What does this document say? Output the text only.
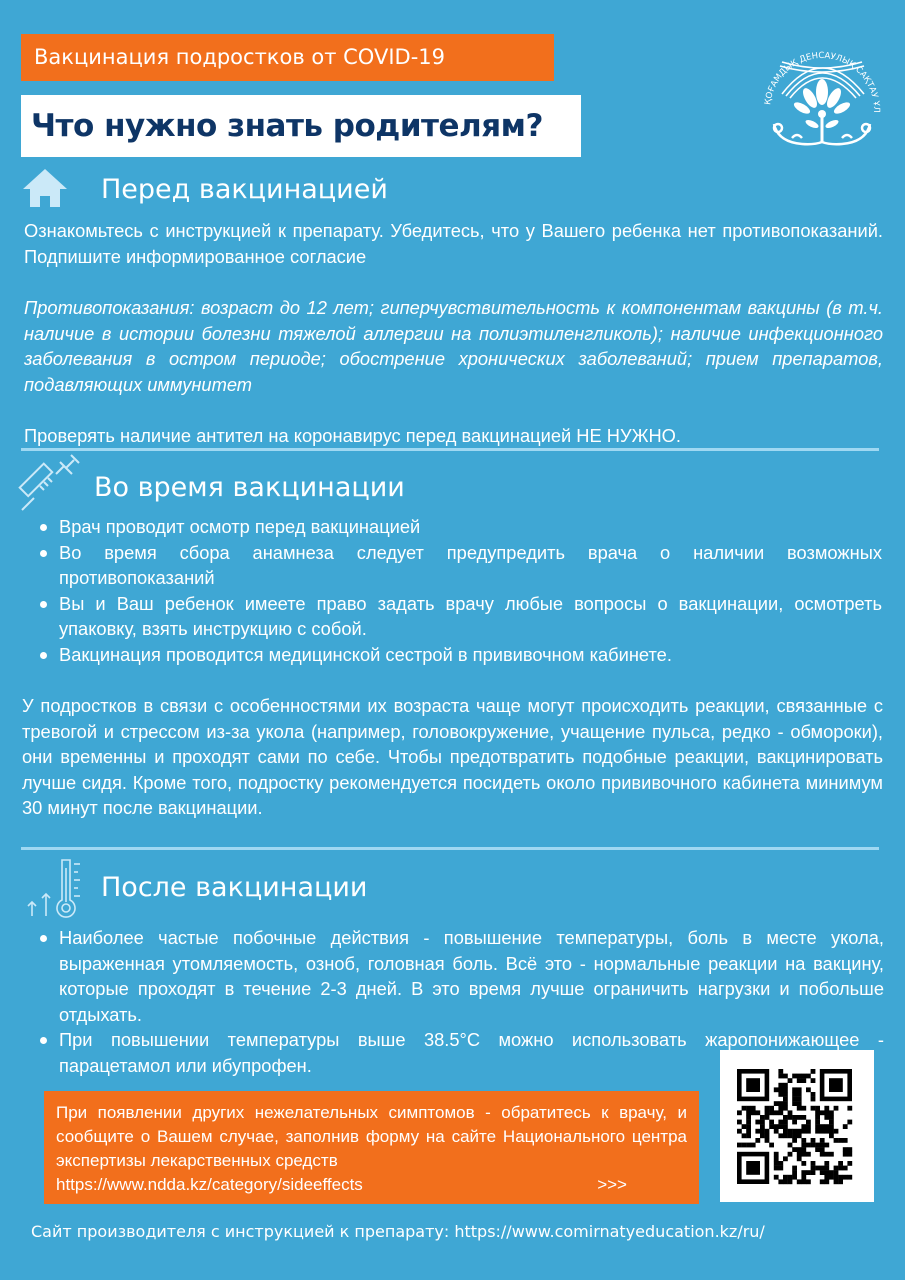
Вакцинация подростков от COVID-19
Что нужно знать родителям?
ҚОҒАМДЫҚ ДЕНСАУЛЫҚ САҚТАУ ҰЛ
Перед вакцинацией
Ознакомьтесь с инструкцией к препарату. Убедитесь, что у Вашего ребенка нет противопоказаний. Подпишите информированное согласие
Противопоказания: возраст до 12 лет; гиперчувствительность к компонентам вакцины (в т.ч. наличие в истории болезни тяжелой аллергии на полиэтиленгликоль); наличие инфекционного заболевания в остром периоде; обострение хронических заболеваний; прием препаратов, подавляющих иммунитет
Проверять наличие антител на коронавирус перед вакцинацией НЕ НУЖНО.
Во время вакцинации
Врач проводит осмотр перед вакцинацией
Во время сбора анамнеза следует предупредить врача о наличии возможных противопоказаний
Вы и Ваш ребенок имеете право задать врачу любые вопросы о вакцинации, осмотреть упаковку, взять инструкцию с собой.
Вакцинация проводится медицинской сестрой в прививочном кабинете.
У подростков в связи с особенностями их возраста чаще могут происходить реакции, связанные с тревогой и стрессом из-за укола (например, головокружение, учащение пульса, редко - обмороки), они временны и проходят сами по себе. Чтобы предотвратить подобные реакции, вакцинировать лучше сидя. Кроме того, подростку рекомендуется посидеть около прививочного кабинета минимум 30 минут после вакцинации.
После вакцинации
Наиболее частые побочные действия - повышение температуры, боль в месте укола, выраженная утомляемость, озноб, головная боль. Всё это - нормальные реакции на вакцину, которые проходят в течение 2-3 дней. В это время лучше ограничить нагрузки и побольше отдыхать.
При повышении температуры выше 38.5°С можно использовать жаропонижающее - парацетамол или ибупрофен.
При появлении других нежелательных симптомов - обратитесь к врачу, и сообщите о Вашем случае, заполнив форму на сайте Национального центра экспертизы лекарственных средств
https://www.ndda.kz/category/sideeffects	>>>
Сайт производителя с инструкцией к препарату: https://www.comirnatyeducation.kz/ru/
